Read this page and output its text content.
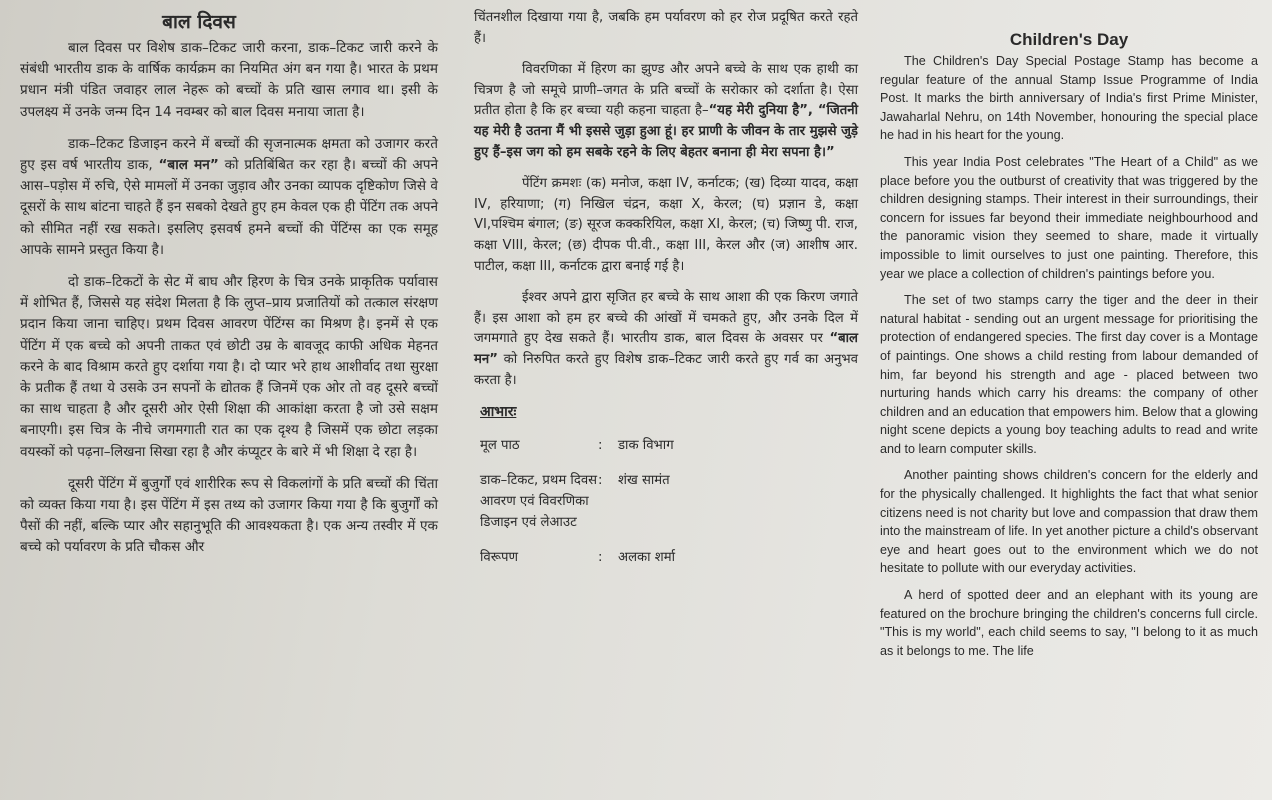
बाल दिवस

बाल दिवस पर विशेष डाक–टिकट जारी करना, डाक–टिकट जारी करने के संबंधी भारतीय डाक के वार्षिक कार्यक्रम का नियमित अंग बन गया है। भारत के प्रथम प्रधान मंत्री पंडित जवाहर लाल नेहरू को बच्चों के प्रति खास लगाव था। इसी के उपलक्ष्य में उनके जन्म दिन 14 नवम्बर को बाल दिवस मनाया जाता है।

डाक–टिकट डिजाइन करने में बच्चों की सृजनात्मक क्षमता को उजागर करते हुए इस वर्ष भारतीय डाक, “बाल मन” को प्रतिबिंबित कर रहा है। बच्चों की अपने आस–पड़ोस में रुचि, ऐसे मामलों में उनका जुड़ाव और उनका व्यापक दृष्टिकोण जिसे वे दूसरों के साथ बांटना चाहते हैं इन सबको देखते हुए हम केवल एक ही पेंटिंग तक अपने को सीमित नहीं रख सकते। इसलिए इसवर्ष हमने बच्चों की पेंटिंग्स का एक समूह आपके सामने प्रस्तुत किया है।

दो डाक–टिकटों के सेट में बाघ और हिरण के चित्र उनके प्राकृतिक पर्यावास में शोभित हैं, जिससे यह संदेश मिलता है कि लुप्त–प्राय प्रजातियों को तत्काल संरक्षण प्रदान किया जाना चाहिए। प्रथम दिवस आवरण पेंटिंग्स का मिश्रण है। इनमें से एक पेंटिंग में एक बच्चे को अपनी ताकत एवं छोटी उम्र के बावजूद काफी अधिक मेहनत करने के बाद विश्राम करते हुए दर्शाया गया है। दो प्यार भरे हाथ आशीर्वाद तथा सुरक्षा के प्रतीक हैं तथा ये उसके उन सपनों के द्योतक हैं जिनमें एक ओर तो वह दूसरे बच्चों का साथ चाहता है और दूसरी ओर ऐसी शिक्षा की आकांक्षा करता है जो उसे सक्षम बनाएगी। इस चित्र के नीचे जगमगाती रात का एक दृश्य है जिसमें एक छोटा लड़का वयस्कों को पढ़ना–लिखना सिखा रहा है और कंप्यूटर के बारे में भी शिक्षा दे रहा है।

दूसरी पेंटिंग में बुजुर्गों एवं शारीरिक रूप से विकलांगों के प्रति बच्चों की चिंता को व्यक्त किया गया है। इस पेंटिंग में इस तथ्य को उजागर किया गया है कि बुजुर्गों को पैसों की नहीं, बल्कि प्यार और सहानुभूति की आवश्यकता है। एक अन्य तस्वीर में एक बच्चे को पर्यावरण के प्रति चौकस और

चिंतनशील दिखाया गया है, जबकि हम पर्यावरण को हर रोज प्रदूषित करते रहते हैं।

विवरणिका में हिरण का झुण्ड और अपने बच्चे के साथ एक हाथी का चित्रण है जो समूचे प्राणी–जगत के प्रति बच्चों के सरोकार को दर्शाता है। ऐसा प्रतीत होता है कि हर बच्चा यही कहना चाहता है–“यह मेरी दुनिया है”, “जितनी यह मेरी है उतना मैं भी इससे जुड़ा हुआ हूं। हर प्राणी के जीवन के तार मुझसे जुड़े हुए हैं–इस जग को हम सबके रहने के लिए बेहतर बनाना ही मेरा सपना है।”

पेंटिंग क्रमशः (क) मनोज, कक्षा IV, कर्नाटक; (ख) दिव्या यादव, कक्षा IV, हरियाणा; (ग) निखिल चंद्रन, कक्षा X, केरल; (घ) प्रज्ञान डे, कक्षा VI,पश्चिम बंगाल; (ङ) सूरज कक्करियिल, कक्षा XI, केरल; (च) जिष्णु पी. राज, कक्षा VIII, केरल; (छ) दीपक पी.वी., कक्षा III, केरल और (ज) आशीष आर. पाटील, कक्षा III, कर्नाटक द्वारा बनाई गई है।

ईश्वर अपने द्वारा सृजित हर बच्चे के साथ आशा की एक किरण जगाते हैं। इस आशा को हम हर बच्चे की आंखों में चमकते हुए, और उनके दिल में जगमगाते हुए देख सकते हैं। भारतीय डाक, बाल दिवस के अवसर पर “बाल मन” को निरुपित करते हुए विशेष डाक–टिकट जारी करते हुए गर्व का अनुभव करता है।

आभारः
मूल पाठ	:	डाक विभाग
डाक–टिकट, प्रथम दिवस आवरण एवं विवरणिका डिजाइन एवं लेआउट
:	शंख सामंत
विरूपण	:	अलका शर्मा
Children's Day

The Children's Day Special Postage Stamp has become a regular feature of the annual Stamp Issue Programme of India Post. It marks the birth anniversary of India's first Prime Minister, Jawaharlal Nehru, on 14th November, honouring the special place he had in his heart for the young.

This year India Post celebrates "The Heart of a Child" as we place before you the outburst of creativity that was triggered by the children designing stamps. Their interest in their surroundings, their concern for issues far beyond their immediate neighbourhood and the panoramic vision they seemed to share, made it virtually impossible to limit ourselves to just one painting. Therefore, this year we place a collection of children's paintings before you.

The set of two stamps carry the tiger and the deer in their natural habitat - sending out an urgent message for prioritising the protection of endangered species. The first day cover is a Montage of paintings. One shows a child resting from labour demanded of him, far beyond his strength and age - placed between two nurturing hands which carry his dreams: the company of other children and an education that empowers him. Below that a glowing night scene depicts a young boy teaching adults to read and write and to learn computer skills.

Another painting shows children's concern for the elderly and for the physically challenged. It highlights the fact that what senior citizens need is not charity but love and compassion that draw them into the mainstream of life. In yet another picture a child's observant eye and heart goes out to the environment which we do not hesitate to pollute with our everyday activities.

A herd of spotted deer and an elephant with its young are featured on the brochure bringing the children's concerns full circle. "This is my world", each child seems to say, "I belong to it as much as it belongs to me. The life
